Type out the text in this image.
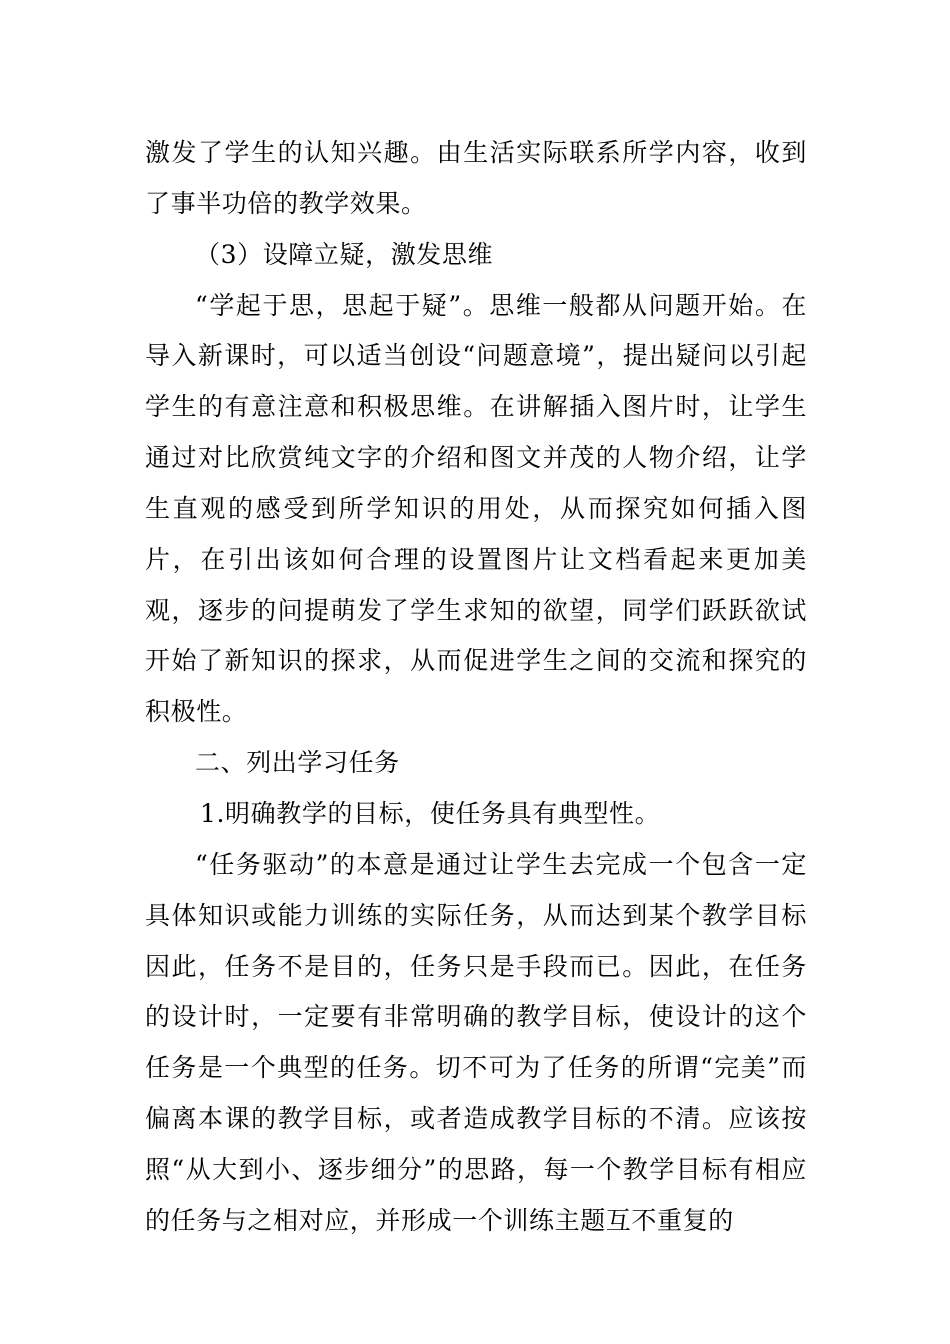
激发了学生的认知兴趣。由生活实际联系所学内容，收到了事半功倍的教学效果。

（3）设障立疑，激发思维

“学起于思，思起于疑”。思维一般都从问题开始。在导入新课时，可以适当创设“问题意境”，提出疑问以引起学生的有意注意和积极思维。在讲解插入图片时，让学生通过对比欣赏纯文字的介绍和图文并茂的人物介绍，让学生直观的感受到所学知识的用处，从而探究如何插入图片，在引出该如何合理的设置图片让文档看起来更加美观，逐步的问提萌发了学生求知的欲望，同学们跃跃欲试开始了新知识的探求，从而促进学生之间的交流和探究的积极性。

二、列出学习任务

1.明确教学的目标，使任务具有典型性。

“任务驱动”的本意是通过让学生去完成一个包含一定具体知识或能力训练的实际任务，从而达到某个教学目标因此，任务不是目的，任务只是手段而已。因此，在任务的设计时，一定要有非常明确的教学目标，使设计的这个任务是一个典型的任务。切不可为了任务的所谓“完美”而偏离本课的教学目标，或者造成教学目标的不清。应该按照“从大到小、逐步细分”的思路，每一个教学目标有相应的任务与之相对应，并形成一个训练主题互不重复的
